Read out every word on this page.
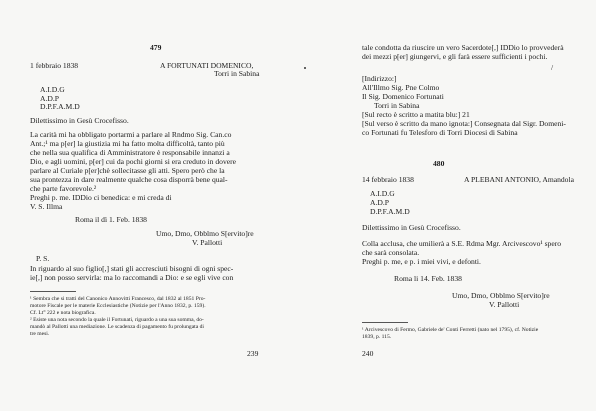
479
1 febbraio 1838	A FORTUNATI DOMENICO,
Torri in Sabina
A.I.D.G
A.D.P
D.P.F.A.M.D
Dilettissimo in Gesù Crocefisso.
La carità mi ha obbligato portarmi a parlare al Rndmo Sig. Can.co
Ant.;¹ ma p[er] la giustizia mi ha fatto molta difficoltà, tanto più
che nella sua qualifica di Amministratore è responsabile innanzi a
Dio, e agli uomini, p[er] cui da pochi giorni si era creduto in dovere
parlare al Curiale p[er]chè sollecitasse gli atti. Spero però che la
sua prontezza in dare realmente qualche cosa disporrà bene qual-
che parte favorevole.²
Preghi p. me. IDDio ci benedica: e mi creda di
V. S. Illma
Roma il dì 1. Feb. 1838
Umo, Dmo, Obblmo S[ervito]re
V. Pallotti
P. S.
In riguardo al suo figlio[,] stati gli accresciuti bisogni di ogni spec-
ie[,] non posso servirla: ma lo raccomandi a Dio: e se egli vive con
¹ Sembra che si tratti del Canonico Annovitti Francesco, dal 1832 al 1851 Pro-
motore Fiscale per le materie Ecclesiastiche (Notizie per l'Anno 1832, p. 159).
Cf. Lt° 222 e nota biografica.
² Esiste una nota secondo la quale il Fortunati, riguardo a una sua somma, do-
mandò al Pallotti una mediazione. Le scadenza di pagamento fu prolungata di
tre mesi.
239
tale condotta da riuscire un vero Sacerdote[,] IDDio lo provvederà
dei mezzi p[er] giungervi, e gli farà essere sufficienti i pochi.
/
[Indirizzo:]
All'Illmo Sig. Pne Colmo
Il Sig. Domenico Fortunati
Torri in Sabina
[Sul recto è scritto a matita blu:] 21
[Sul verso è scritto da mano ignota:] Consegnata dal Sigr. Domeni-
co Fortunati fu Telesforo di Torri Diocesi di Sabina
480
14 febbraio 1838	A PLEBANI ANTONIO, Amandola
A.I.D.G
A.D.P
D.P.F.A.M.D
Dilettissimo in Gesù Crocefisso.
Colla acclusa, che umilierà a S.E. Rdma Mgr. Arcivescovo¹ spero
che sarà consolata.
Preghi p. me, e p. i miei vivi, e defonti.
Roma li 14. Feb. 1838
Umo, Dmo, Obblmo S[ervito]re
V. Pallotti
¹ Arcivescovo di Fermo, Gabriele de' Conti Ferretti (nato nel 1795), cf. Notizie
1839, p. 115.
240
